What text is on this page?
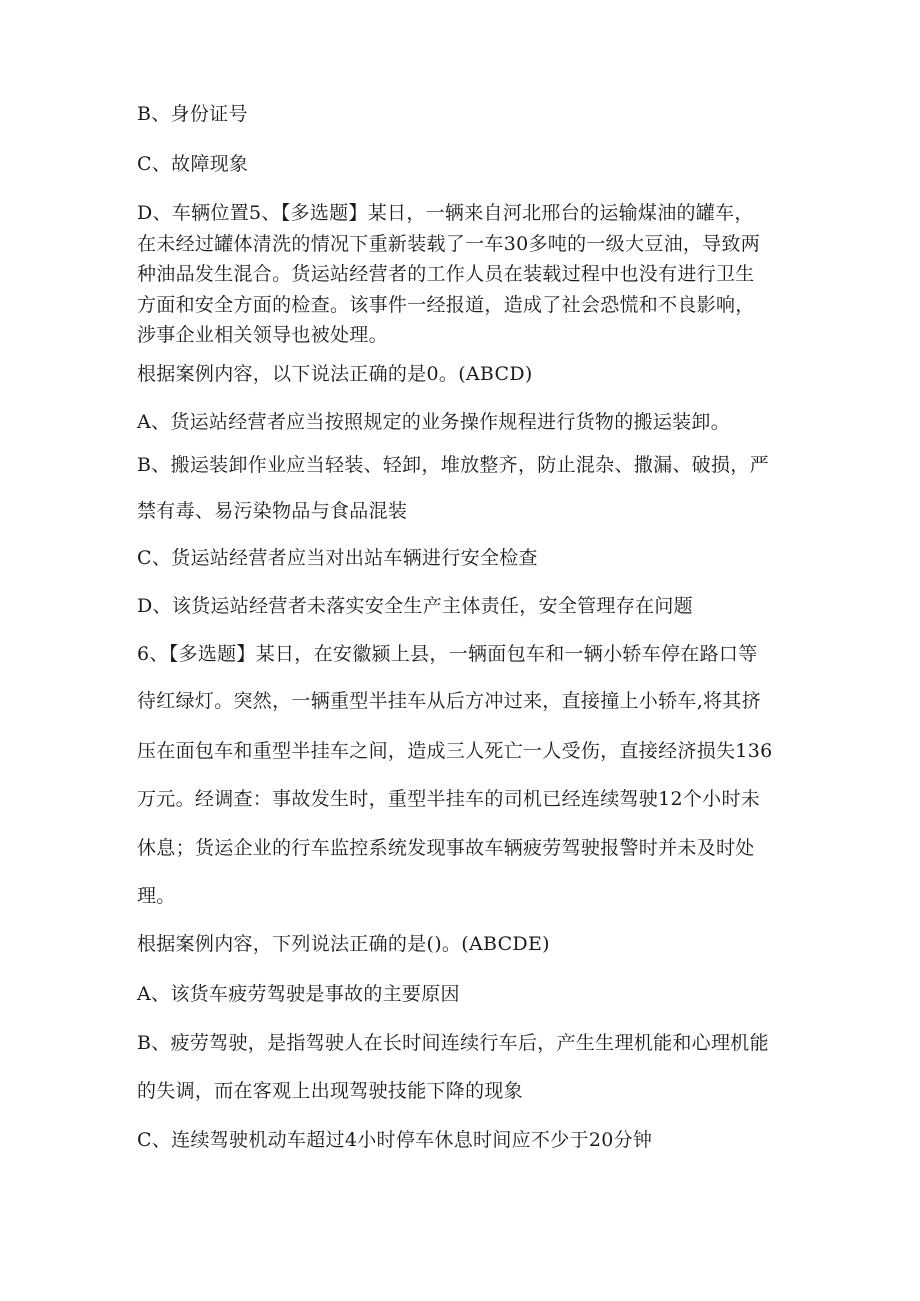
B、身份证号
C、故障现象
D、车辆位置5、【多选题】某日，一辆来自河北邢台的运输煤油的罐车，
在未经过罐体清洗的情况下重新装载了一车30多吨的一级大豆油，导致两
种油品发生混合。货运站经营者的工作人员在装载过程中也没有进行卫生
方面和安全方面的检查。该事件一经报道，造成了社会恐慌和不良影响，
涉事企业相关领导也被处理。
根据案例内容，以下说法正确的是0。(ABCD)
A、货运站经营者应当按照规定的业务操作规程进行货物的搬运装卸。
B、搬运装卸作业应当轻装、轻卸，堆放整齐，防止混杂、撒漏、破损，严
禁有毒、易污染物品与食品混装
C、货运站经营者应当对出站车辆进行安全检查
D、该货运站经营者未落实安全生产主体责任，安全管理存在问题
6、【多选题】某日，在安徽颍上县，一辆面包车和一辆小轿车停在路口等
待红绿灯。突然，一辆重型半挂车从后方冲过来，直接撞上小轿车,将其挤
压在面包车和重型半挂车之间，造成三人死亡一人受伤，直接经济损失136
万元。经调查：事故发生时，重型半挂车的司机已经连续驾驶12个小时未
休息；货运企业的行车监控系统发现事故车辆疲劳驾驶报警时并未及时处
理。
根据案例内容，下列说法正确的是()。(ABCDE)
A、该货车疲劳驾驶是事故的主要原因
B、疲劳驾驶，是指驾驶人在长时间连续行车后，产生生理机能和心理机能
的失调，而在客观上出现驾驶技能下降的现象
C、连续驾驶机动车超过4小时停车休息时间应不少于20分钟
